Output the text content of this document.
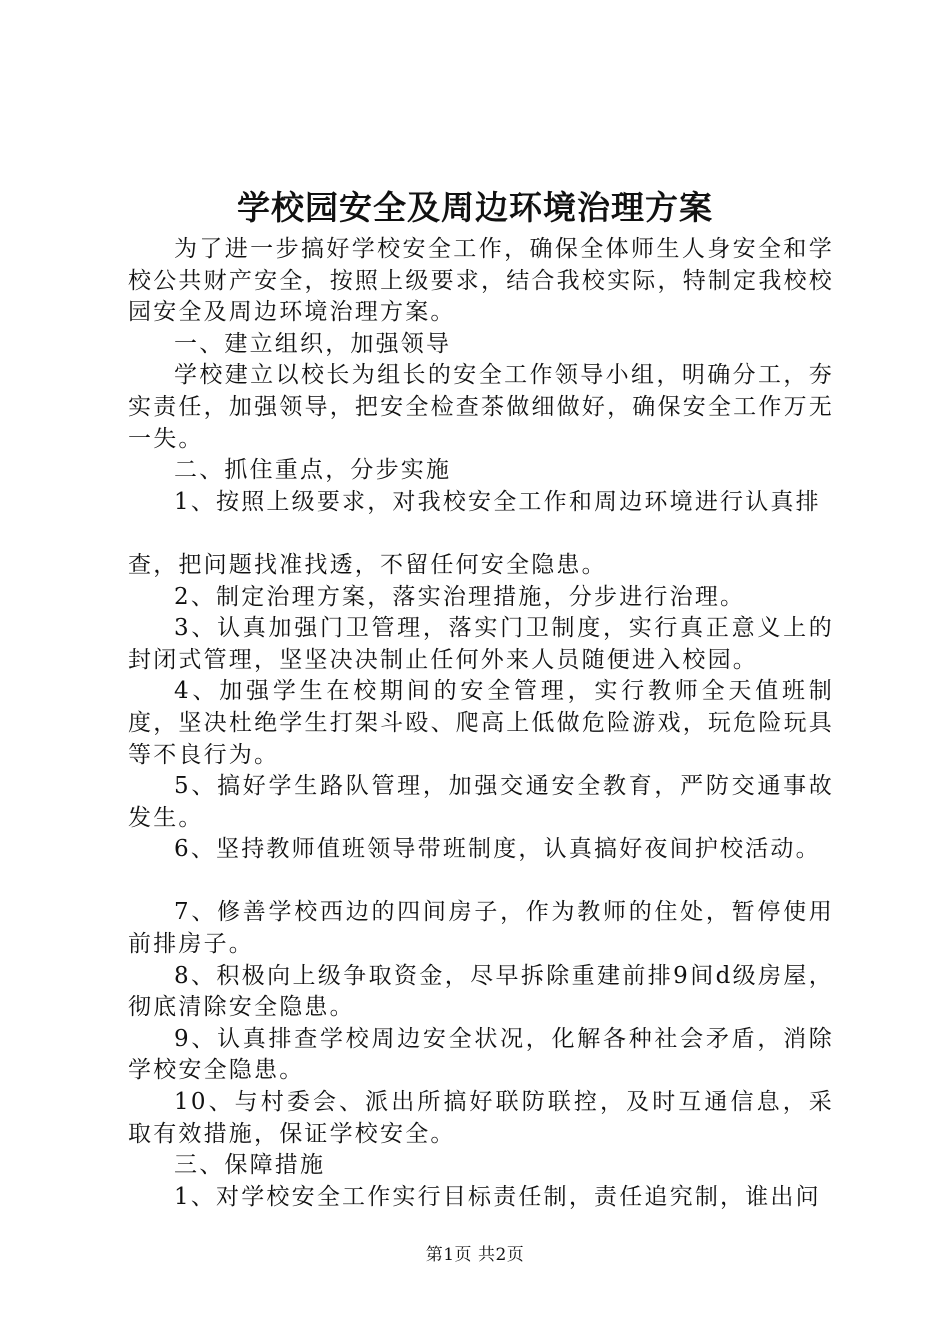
学校园安全及周边环境治理方案

为了进一步搞好学校安全工作，确保全体师生人身安全和学校公共财产安全，按照上级要求，结合我校实际，特制定我校校园安全及周边环境治理方案。

一、建立组织，加强领导

学校建立以校长为组长的安全工作领导小组，明确分工，夯实责任，加强领导，把安全检查茶做细做好，确保安全工作万无一失。

二、抓住重点，分步实施

1、按照上级要求，对我校安全工作和周边环境进行认真排

查，把问题找准找透，不留任何安全隐患。

2、制定治理方案，落实治理措施，分步进行治理。

3、认真加强门卫管理，落实门卫制度，实行真正意义上的封闭式管理，坚坚决决制止任何外来人员随便进入校园。

4、加强学生在校期间的安全管理，实行教师全天值班制度，坚决杜绝学生打架斗殴、爬高上低做危险游戏，玩危险玩具等不良行为。

5、搞好学生路队管理，加强交通安全教育，严防交通事故发生。

6、坚持教师值班领导带班制度，认真搞好夜间护校活动。

7、修善学校西边的四间房子，作为教师的住处，暂停使用前排房子。

8、积极向上级争取资金，尽早拆除重建前排9间d级房屋，彻底清除安全隐患。

9、认真排查学校周边安全状况，化解各种社会矛盾，消除学校安全隐患。

10、与村委会、派出所搞好联防联控，及时互通信息，采取有效措施，保证学校安全。

三、保障措施

1、对学校安全工作实行目标责任制，责任追究制，谁出问

第1页 共2页
